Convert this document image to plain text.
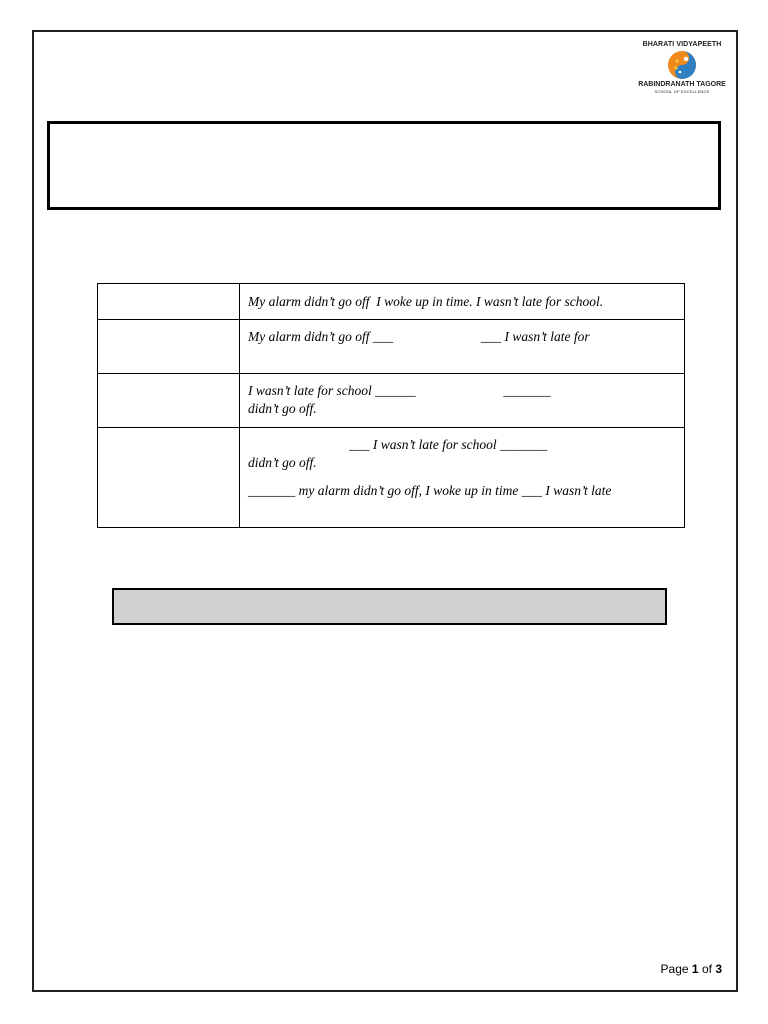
BHARATI VIDYAPEETH
RABINDRANATH TAGORE
SCHOOL OF EXCELLENCE

	My alarm didn’t go off  I woke up in time. I wasn’t late for school.

	My alarm didn’t go off ___                          ___ I wasn’t late for

	I wasn’t late for school ______                          _______
didn’t go off.

	___ I wasn’t late for school _______
didn’t go off.
_______ my alarm didn’t go off, I woke up in time ___ I wasn’t late
Page 1 of 3
